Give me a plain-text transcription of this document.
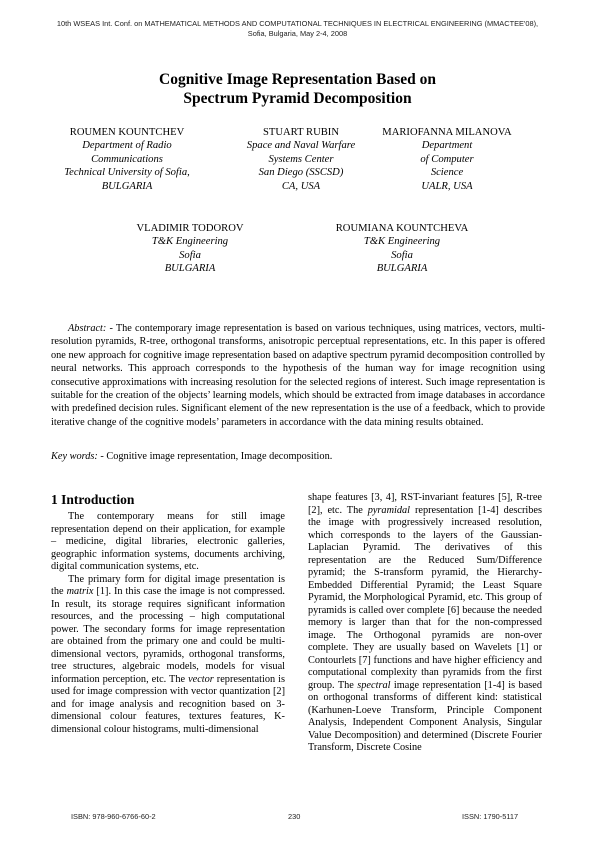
10th WSEAS Int. Conf. on MATHEMATICAL METHODS AND COMPUTATIONAL TECHNIQUES IN ELECTRICAL ENGINEERING (MMACTEE'08),
Sofia, Bulgaria, May 2-4, 2008
Cognitive Image Representation Based on
Spectrum Pyramid Decomposition
ROUMEN KOUNTCHEV
Department of Radio
Communications
Technical University of Sofia,
BULGARIA
STUART RUBIN
Space and Naval Warfare
Systems Center
San Diego (SSCSD)
CA, USA
MARIOFANNA MILANOVA
Department
of Computer
Science
UALR, USA
VLADIMIR TODOROV
T&K Engineering
Sofia
BULGARIA
ROUMIANA KOUNTCHEVA
T&K Engineering
Sofia
BULGARIA
Abstract: - The contemporary image representation is based on various techniques, using matrices, vectors, multi-resolution pyramids, R-tree, orthogonal transforms, anisotropic perceptual representations, etc. In this paper is offered one new approach for cognitive image representation based on adaptive spectrum pyramid decomposition controlled by neural networks. This approach corresponds to the hypothesis of the human way for image recognition using consecutive approximations with increasing resolution for the selected regions of interest. Such image representation is suitable for the creation of the objects’ learning models, which should be extracted from image databases in accordance with predefined decision rules. Significant element of the new representation is the use of a feedback, which to provide iterative change of the cognitive models’ parameters in accordance with the data mining results obtained.
Key words: - Cognitive image representation, Image decomposition.
1 Introduction

The contemporary means for still image representation depend on their application, for example – medicine, digital libraries, electronic galleries, geographic information systems, documents archiving, digital communication systems, etc.

The primary form for digital image presentation is the matrix [1]. In this case the image is not compressed. In result, its storage requires significant information resources, and the processing – high computational power. The secondary forms for image representation are obtained from the primary one and could be multi-dimensional vectors, pyramids, orthogonal transforms, tree structures, algebraic models, models for visual information perception, etc. The vector representation is used for image compression with vector quantization [2] and for image analysis and recognition based on 3-dimensional colour features, textures features, K-dimensional colour histograms, multi-dimensional

shape features [3, 4], RST-invariant features [5], R-tree [2], etc. The pyramidal representation [1-4] describes the image with progressively increased resolution, which corresponds to the layers of the Gaussian-Laplacian Pyramid. The derivatives of this representation are the Reduced Sum/Difference pyramid; the S-transform pyramid, the Hierarchy-Embedded Differential Pyramid; the Least Square Pyramid, the Morphological Pyramid, etc. This group of pyramids is called over complete [6] because the needed memory is larger than that for the non-compressed image. The Orthogonal pyramids are non-over complete. They are usually based on Wavelets [1] or Contourlets [7] functions and have higher efficiency and computational complexity than pyramids from the first group. The spectral image representation [1-4] is based on orthogonal transforms of different kind: statistical (Karhunen-Loeve Transform, Principle Component Analysis, Independent Component Analysis, Singular Value Decomposition) and determined (Discrete Fourier Transform, Discrete Cosine

ISBN: 978-960-6766-60-2	230	ISSN: 1790-5117
